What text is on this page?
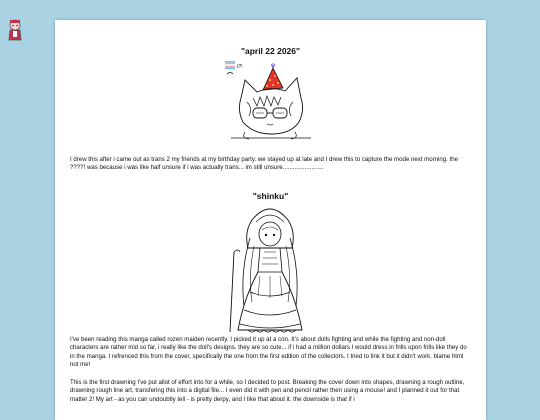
"april 22 2026"
t?!

I drew this after i came out as trans 2 my friends at my birthday party. we stayed up at late and I drew this to capture the mode next morning. the ????! was because i was like half unsure if i was actually trans... im still unsure........................

"shinku"

I've been reading this manga called rozen maiden recently. I picked it up at a con. It's about dolls fighting and while the fighting and non-doll characters are rather mid so far, i really like the doll's designs. they are so cute... if i had a million dollars I would dress in frills upon frills like they do in the manga. I refrenced this from the cover, specifically the one from the first edition of the collectors. I tried to link it but it didn't work. blame html not me!

This is the first drawning I've put allot of effort into for a while, so I decided to post. Breaking the cover down into shapes, drawning a rough outline, drawning rough line art, transfering this into a digital file... I even did it with pen and pencil rather then using a mouse! and I planned it out for that matter 2! My art - as you can undoubtly tell - is pretty derpy, and I like that about it. the downside is that if i
